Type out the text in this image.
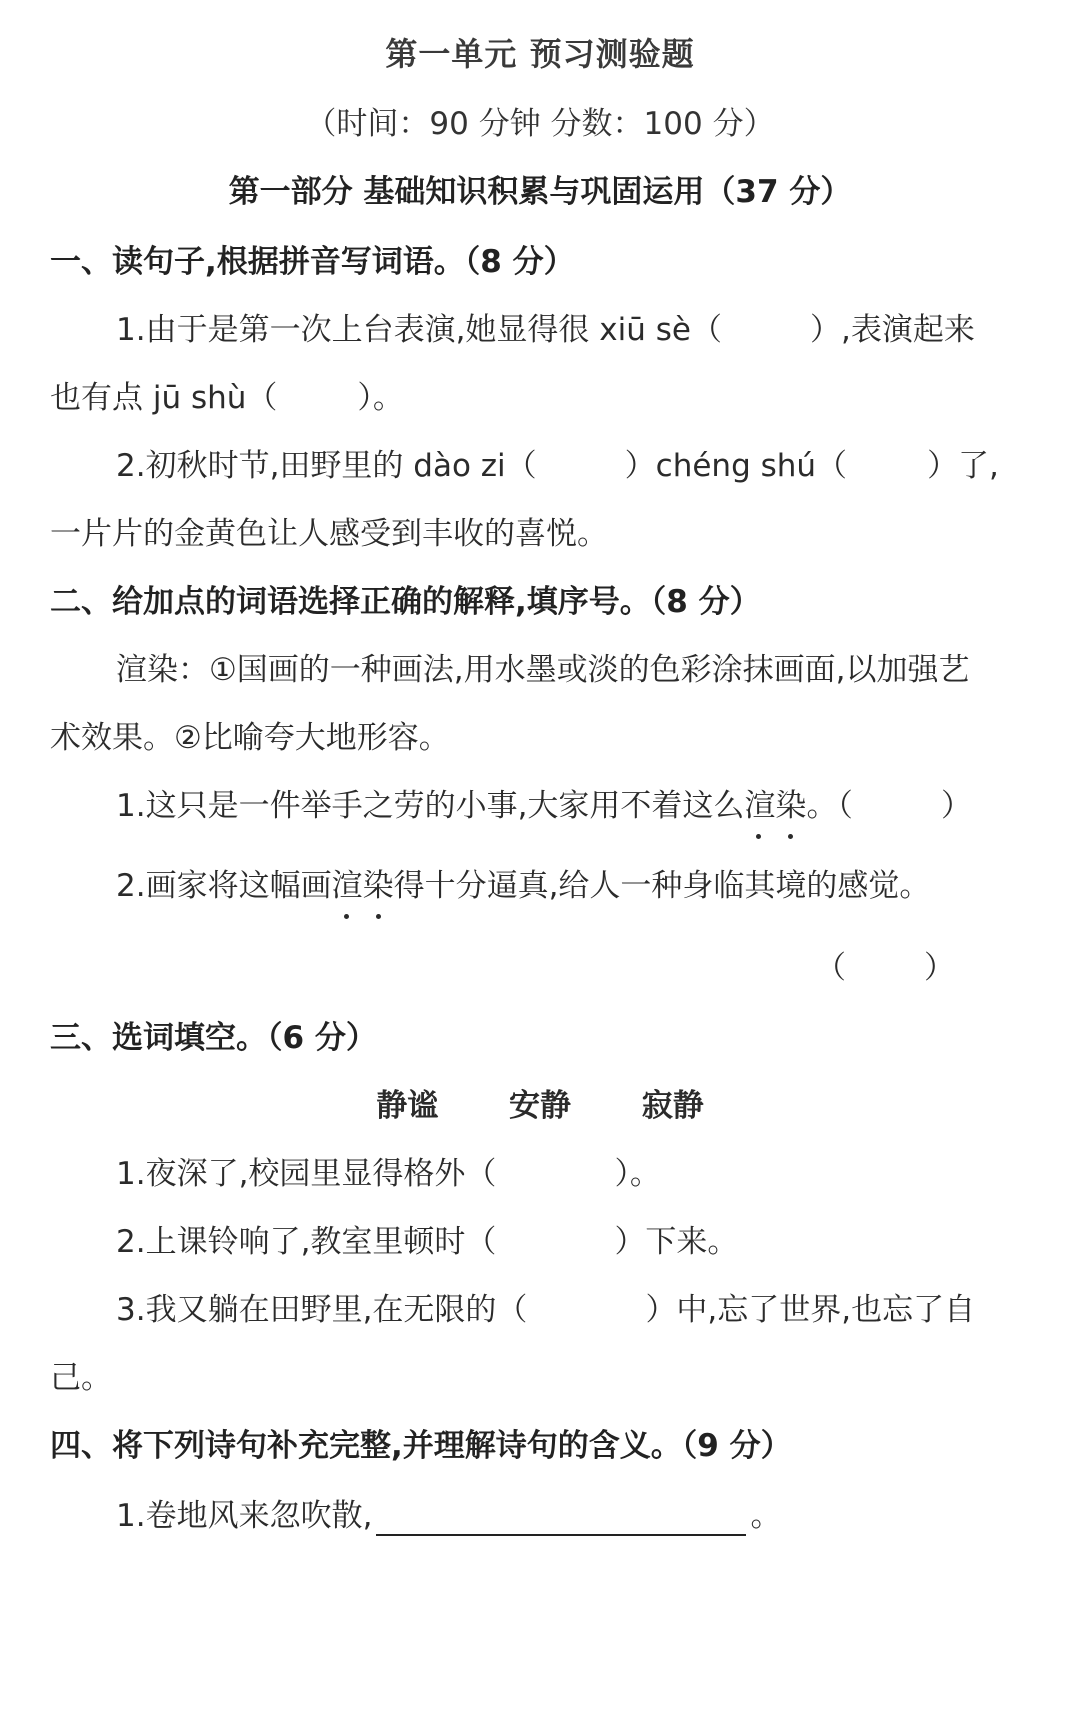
第一单元 预习测验题
（时间：90 分钟 分数：100 分）
第一部分 基础知识积累与巩固运用（37 分）
一、读句子,根据拼音写词语。（8 分）
1.由于是第一次上台表演,她显得很 xiū sè（	）,表演起来
也有点 jū shù（	）。
2.初秋时节,田野里的 dào zi（	）chéng shú（	）了,
一片片的金黄色让人感受到丰收的喜悦。
二、给加点的词语选择正确的解释,填序号。（8 分）
渲染：①国画的一种画法,用水墨或淡的色彩涂抹画面,以加强艺
术效果。②比喻夸大地形容。
1.这只是一件举手之劳的小事,大家用不着这么渲染
。（	）
2.画家将这幅画渲染
得十分逼真,给人一种身临其境的感觉。
（	）
三、选词填空。（6 分）
静谧 安静 寂静
1.夜深了,校园里显得格外（	）。
2.上课铃响了,教室里顿时（	）下来。
3.我又躺在田野里,在无限的（	）中,忘了世界,也忘了自
己。
四、将下列诗句补充完整,并理解诗句的含义。（9 分）
1.卷地风来忽吹散,	。
